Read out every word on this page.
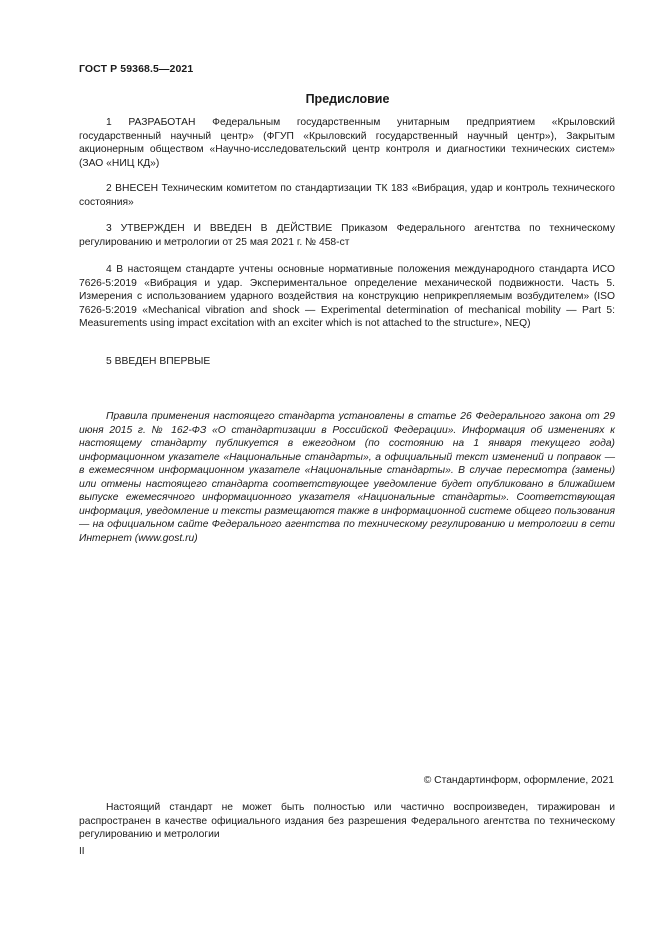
ГОСТ Р 59368.5—2021
Предисловие

1 РАЗРАБОТАН Федеральным государственным унитарным предприятием «Крыловский государственный научный центр» (ФГУП «Крыловский государственный научный центр»), Закрытым акционерным обществом «Научно-исследовательский центр контроля и диагностики технических систем» (ЗАО «НИЦ КД»)

2 ВНЕСЕН Техническим комитетом по стандартизации ТК 183 «Вибрация, удар и контроль технического состояния»

3 УТВЕРЖДЕН И ВВЕДЕН В ДЕЙСТВИЕ Приказом Федерального агентства по техническому регулированию и метрологии от 25 мая 2021 г. № 458-ст

4 В настоящем стандарте учтены основные нормативные положения международного стандарта ИСО 7626-5:2019 «Вибрация и удар. Экспериментальное определение механической подвижности. Часть 5. Измерения с использованием ударного воздействия на конструкцию неприкрепляемым возбудителем» (ISO 7626-5:2019 «Mechanical vibration and shock — Experimental determination of mechanical mobility — Part 5: Measurements using impact excitation with an exciter which is not attached to the structure», NEQ)

5 ВВЕДЕН ВПЕРВЫЕ

Правила применения настоящего стандарта установлены в статье 26 Федерального закона от 29 июня 2015 г. № 162-ФЗ «О стандартизации в Российской Федерации». Информация об изменениях к настоящему стандарту публикуется в ежегодном (по состоянию на 1 января текущего года) информационном указателе «Национальные стандарты», а официальный текст изменений и поправок — в ежемесячном информационном указателе «Национальные стандарты». В случае пересмотра (замены) или отмены настоящего стандарта соответствующее уведомление будет опубликовано в ближайшем выпуске ежемесячного информационного указателя «Национальные стандарты». Соответствующая информация, уведомление и тексты размещаются также в информационной системе общего пользования — на официальном сайте Федерального агентства по техническому регулированию и метрологии в сети Интернет (www.gost.ru)

© Стандартинформ, оформление, 2021

Настоящий стандарт не может быть полностью или частично воспроизведен, тиражирован и распространен в качестве официального издания без разрешения Федерального агентства по техническому регулированию и метрологии

II
